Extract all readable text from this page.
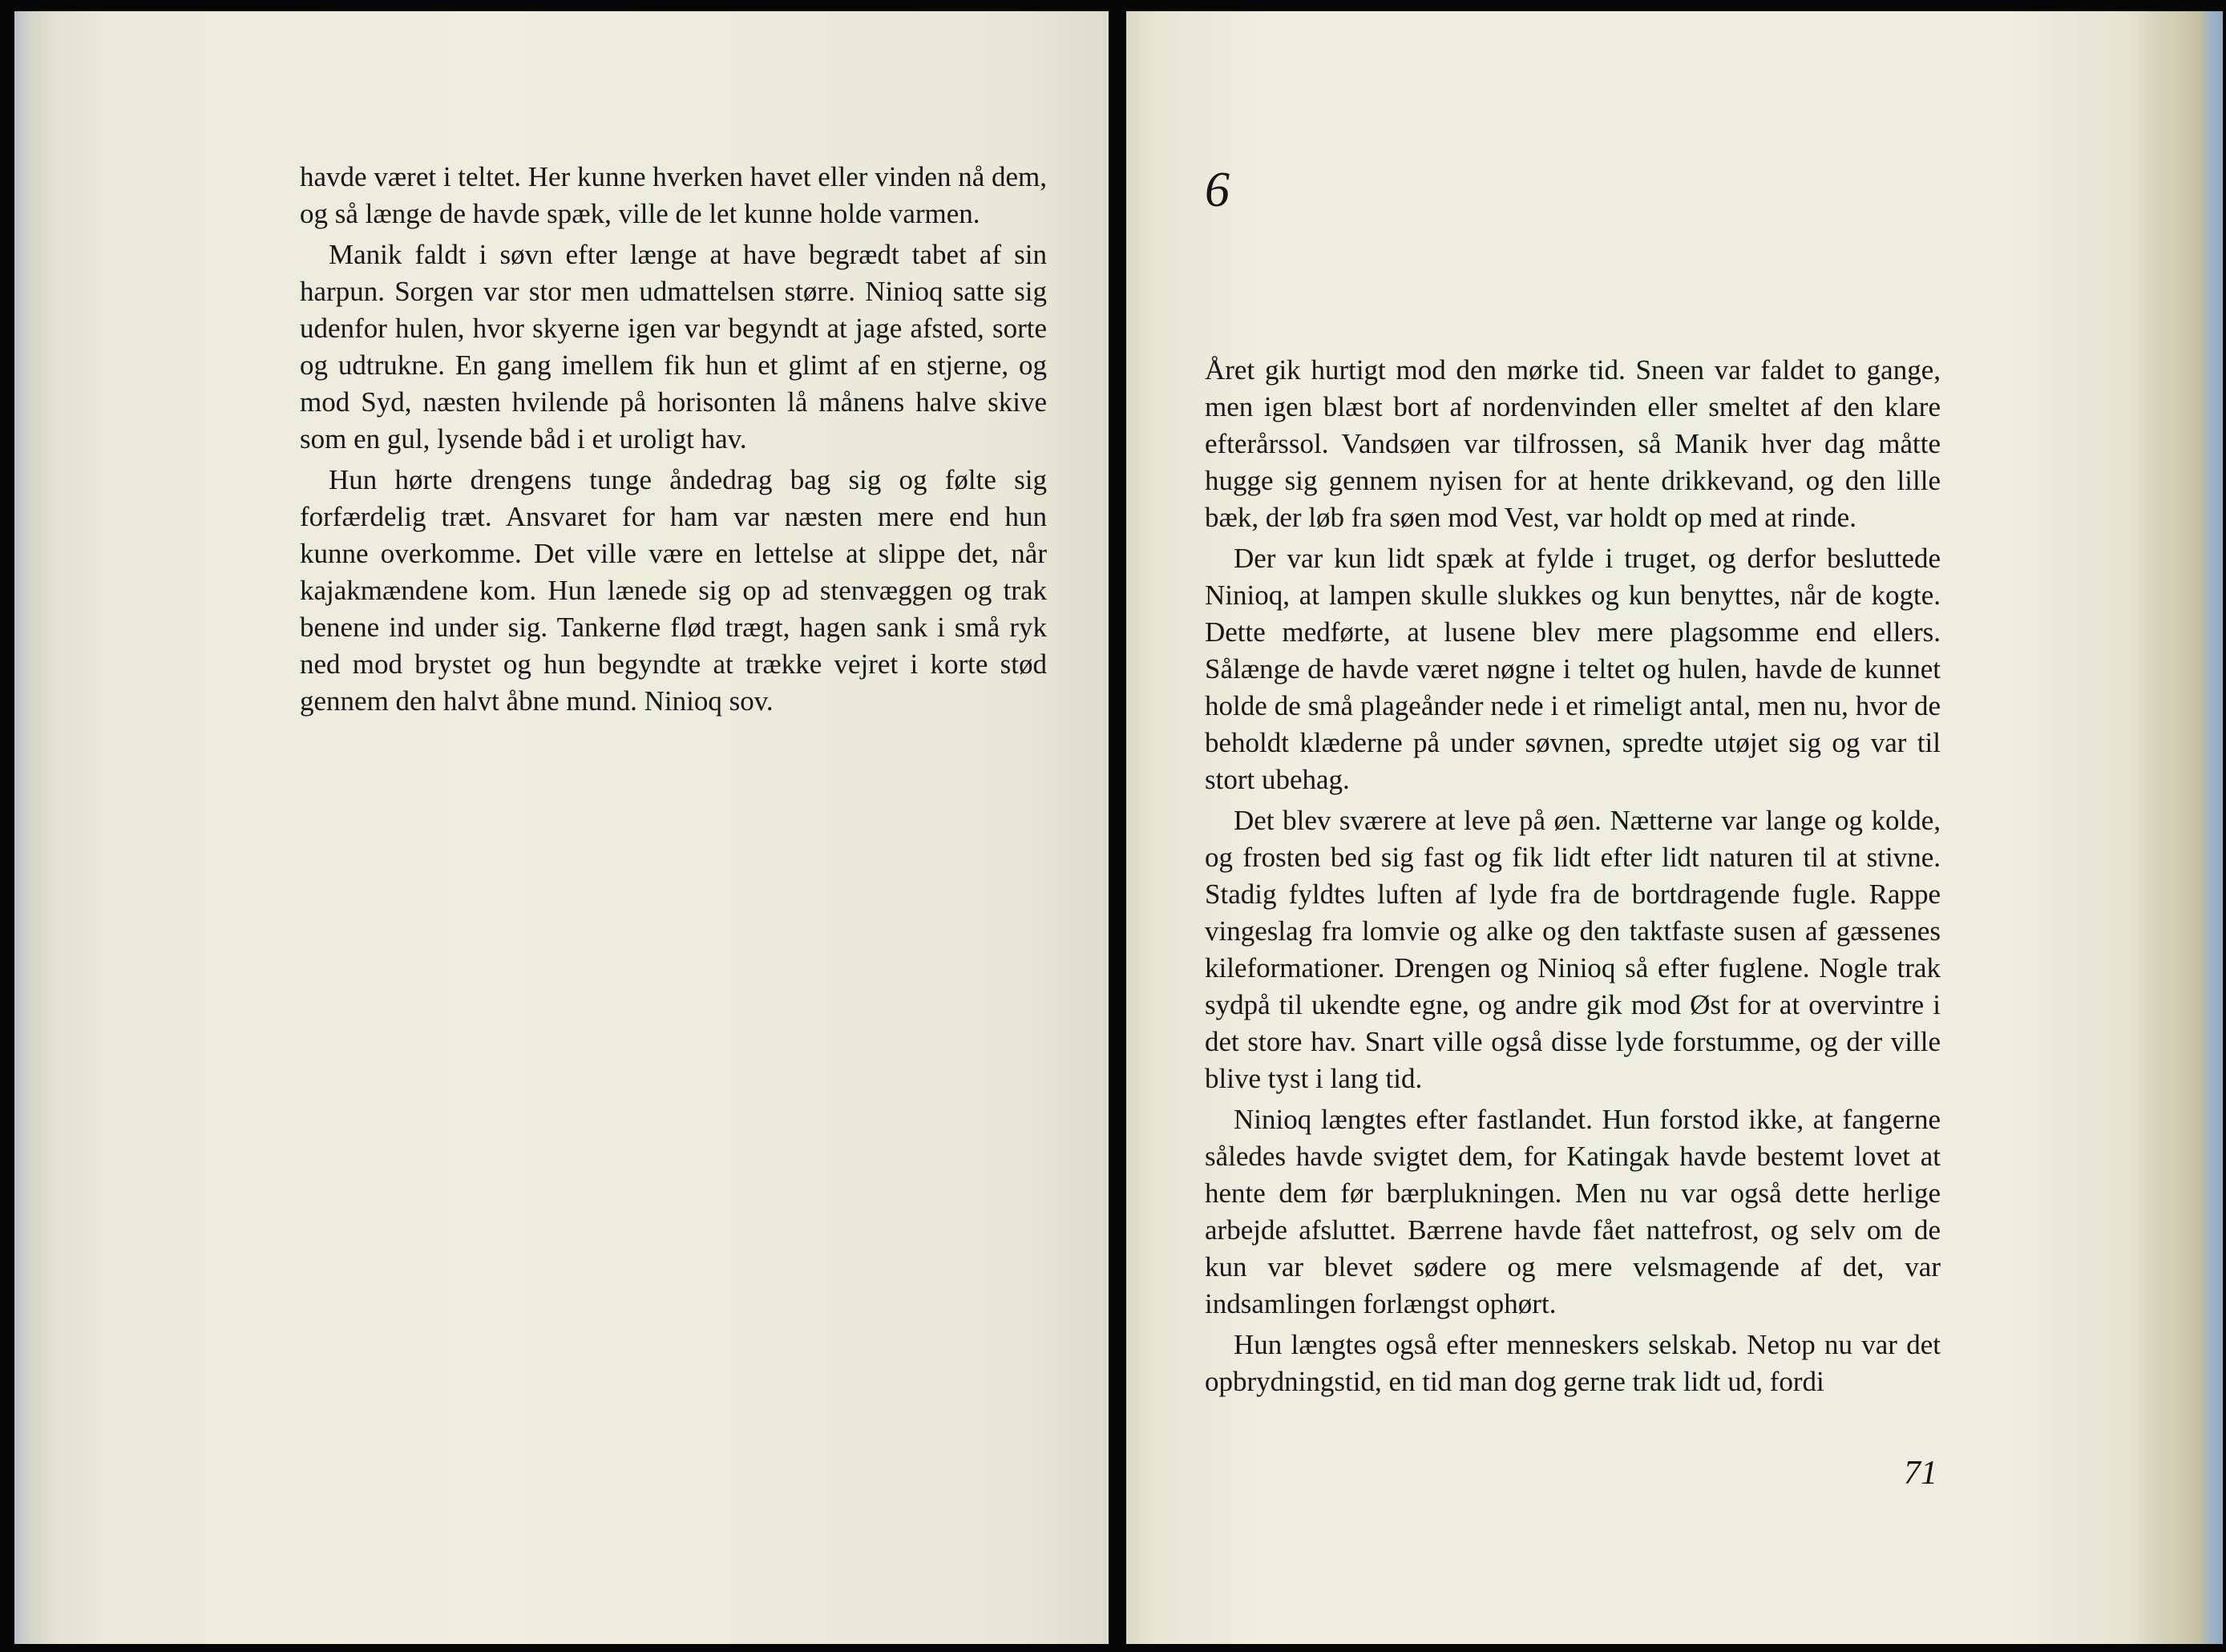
havde været i teltet. Her kunne hverken havet eller vinden nå dem, og så længe de havde spæk, ville de let kunne holde varmen.

Manik faldt i søvn efter længe at have begrædt tabet af sin harpun. Sorgen var stor men udmattelsen større. Ninioq satte sig udenfor hulen, hvor skyerne igen var begyndt at jage afsted, sorte og udtrukne. En gang imellem fik hun et glimt af en stjerne, og mod Syd, næsten hvilende på horisonten lå månens halve skive som en gul, lysende båd i et uroligt hav.

Hun hørte drengens tunge åndedrag bag sig og følte sig forfærdelig træt. Ansvaret for ham var næsten mere end hun kunne overkomme. Det ville være en lettelse at slippe det, når kajakmændene kom. Hun lænede sig op ad stenvæggen og trak benene ind under sig. Tankerne flød trægt, hagen sank i små ryk ned mod brystet og hun begyndte at trække vejret i korte stød gennem den halvt åbne mund. Ninioq sov.

6

Året gik hurtigt mod den mørke tid. Sneen var faldet to gange, men igen blæst bort af nordenvinden eller smeltet af den klare efterårssol. Vandsøen var tilfrossen, så Manik hver dag måtte hugge sig gennem nyisen for at hente drikkevand, og den lille bæk, der løb fra søen mod Vest, var holdt op med at rinde.

Der var kun lidt spæk at fylde i truget, og derfor besluttede Ninioq, at lampen skulle slukkes og kun benyttes, når de kogte. Dette medførte, at lusene blev mere plagsomme end ellers. Sålænge de havde været nøgne i teltet og hulen, havde de kunnet holde de små plageånder nede i et rimeligt antal, men nu, hvor de beholdt klæderne på under søvnen, spredte utøjet sig og var til stort ubehag.

Det blev sværere at leve på øen. Nætterne var lange og kolde, og frosten bed sig fast og fik lidt efter lidt naturen til at stivne. Stadig fyldtes luften af lyde fra de bortdragende fugle. Rappe vingeslag fra lomvie og alke og den taktfaste susen af gæssenes kileformationer. Drengen og Ninioq så efter fuglene. Nogle trak sydpå til ukendte egne, og andre gik mod Øst for at overvintre i det store hav. Snart ville også disse lyde forstumme, og der ville blive tyst i lang tid.

Ninioq længtes efter fastlandet. Hun forstod ikke, at fangerne således havde svigtet dem, for Katingak havde bestemt lovet at hente dem før bærplukningen. Men nu var også dette herlige arbejde afsluttet. Bærrene havde fået nattefrost, og selv om de kun var blevet sødere og mere velsmagende af det, var indsamlingen forlængst ophørt.

Hun længtes også efter menneskers selskab. Netop nu var det opbrydningstid, en tid man dog gerne trak lidt ud, fordi

71
